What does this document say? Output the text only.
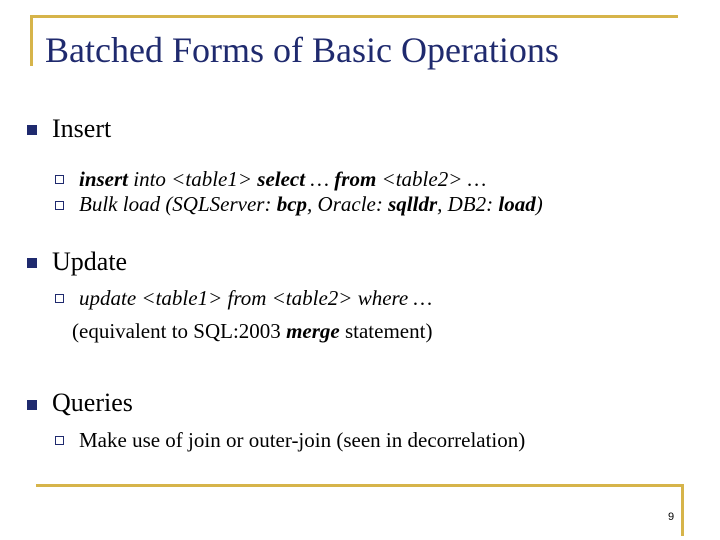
Batched Forms of Basic Operations
Insert
insert into <table1> select … from <table2> …
Bulk load (SQLServer: bcp, Oracle: sqlldr, DB2: load)
Update
update <table1> from <table2> where …
(equivalent to SQL:2003 merge statement)
Queries
Make use of join or outer-join (seen in decorrelation)
9
